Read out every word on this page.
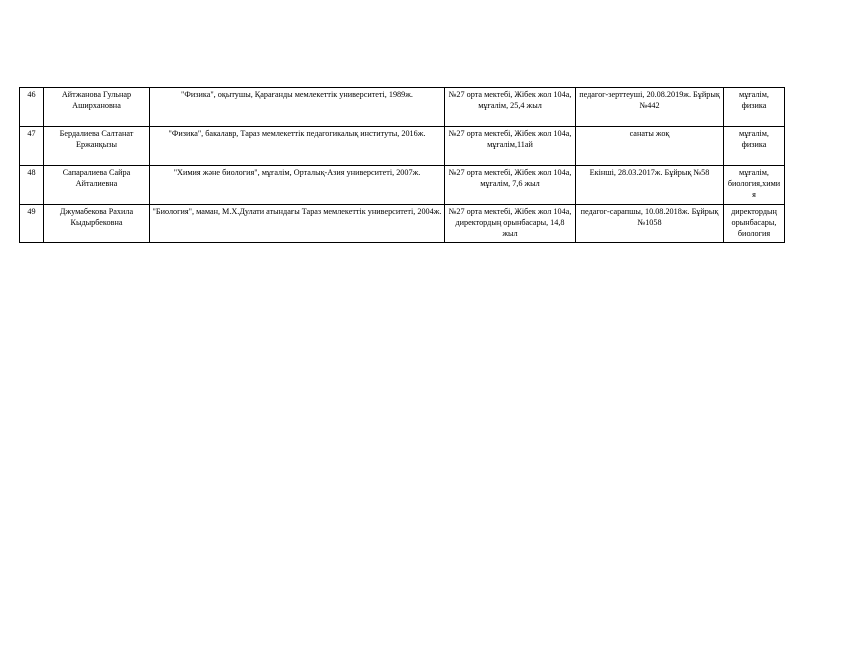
46	Айтжанова Гульнар Аширхановна	"Физика", оқытушы, Қарағанды мемлекеттік университеті, 1989ж.	№27 орта мектебі, Жібек жол 104а, мұғалім, 25,4 жыл	педагог-зерттеуші, 20.08.2019ж. Бұйрық №442	мұғалім, физика
47	Бердалиева Салтанат Ержанқызы	"Физика", бакалавр, Тараз мемлекеттік педагогикалық институты, 2016ж.	№27 орта мектебі, Жібек жол 104а, мұғалім,11ай	санаты жоқ	мұғалім, физика
48	Сапаралиева Сайра Айталиевна	"Химия және биология", мұғалім, Орталық-Азия университеті, 2007ж.	№27 орта мектебі, Жібек жол 104а, мұғалім, 7,6 жыл	Екінші, 28.03.2017ж. Бұйрық №58	мұғалім, биология,химия
49	Джумабекова Рахила Кыдырбековна	"Биология", маман, М.Х.Дулати атындағы Тараз мемлекеттік университеті, 2004ж.	№27 орта мектебі, Жібек жол 104а, директордың орынбасары, 14,8 жыл	педагог-сарапшы, 10.08.2018ж. Бұйрық №1058	директордың орынбасары, биология
